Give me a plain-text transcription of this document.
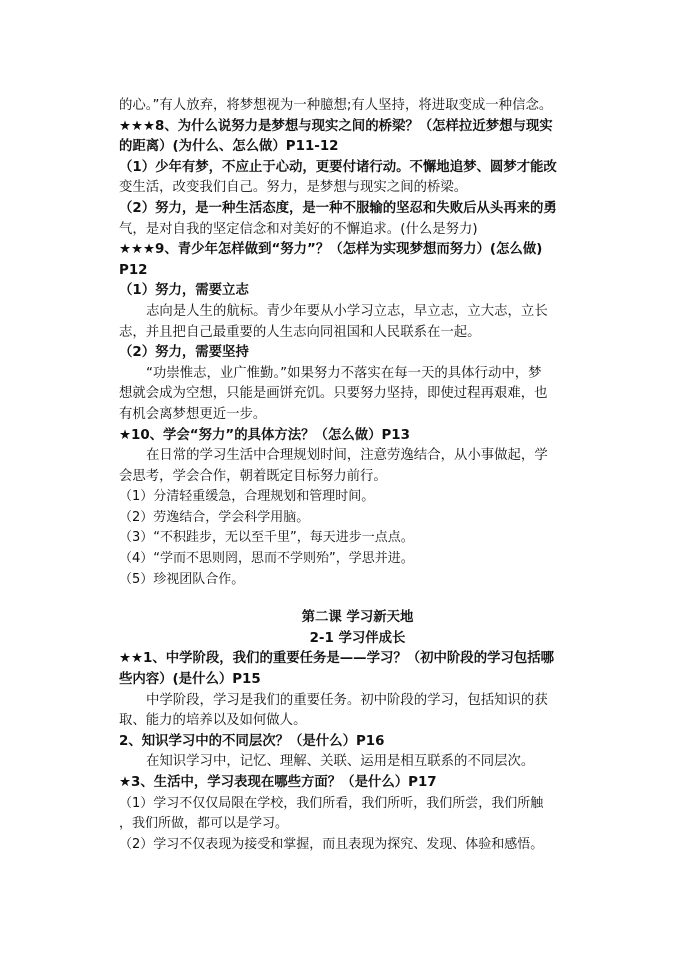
的心。”有人放弃，将梦想视为一种臆想;有人坚持，将进取变成一种信念。
★★★8、为什么说努力是梦想与现实之间的桥梁？（怎样拉近梦想与现实
的距离）(为什么、怎么做）P11-12
（1）少年有梦，不应止于心动，更要付诸行动。不懈地追梦、圆梦才能改
变生活，改变我们自己。努力，是梦想与现实之间的桥梁。
（2）努力，是一种生活态度，是一种不服输的坚忍和失败后从头再来的勇
气，是对自我的坚定信念和对美好的不懈追求。(什么是努力)
★★★9、青少年怎样做到“努力”？（怎样为实现梦想而努力）(怎么做)
P12
（1）努力，需要立志
志向是人生的航标。青少年要从小学习立志，早立志，立大志，立长
志，并且把自己最重要的人生志向同祖国和人民联系在一起。
（2）努力，需要坚持
“功崇惟志，业广惟勤。”如果努力不落实在每一天的具体行动中，梦
想就会成为空想，只能是画饼充饥。只要努力坚持，即使过程再艰难，也
有机会离梦想更近一步。
★10、学会“努力”的具体方法？（怎么做）P13
在日常的学习生活中合理规划时间，注意劳逸结合，从小事做起，学
会思考，学会合作，朝着既定目标努力前行。
（1）分清轻重缓急，合理规划和管理时间。
（2）劳逸结合，学会科学用脑。
（3）“不积跬步，无以至千里”，每天进步一点点。
（4）“学而不思则罔，思而不学则殆”，学思并进。
（5）珍视团队合作。
第二课 学习新天地
2-1 学习伴成长
★★1、中学阶段，我们的重要任务是——学习？（初中阶段的学习包括哪
些内容）(是什么）P15
中学阶段，学习是我们的重要任务。初中阶段的学习，包括知识的获
取、能力的培养以及如何做人。
2、知识学习中的不同层次？（是什么）P16
在知识学习中，记忆、理解、关联、运用是相互联系的不同层次。
★3、生活中，学习表现在哪些方面？（是什么）P17
（1）学习不仅仅局限在学校，我们所看，我们所听，我们所尝，我们所触
，我们所做，都可以是学习。
（2）学习不仅表现为接受和掌握，而且表现为探究、发现、体验和感悟。
